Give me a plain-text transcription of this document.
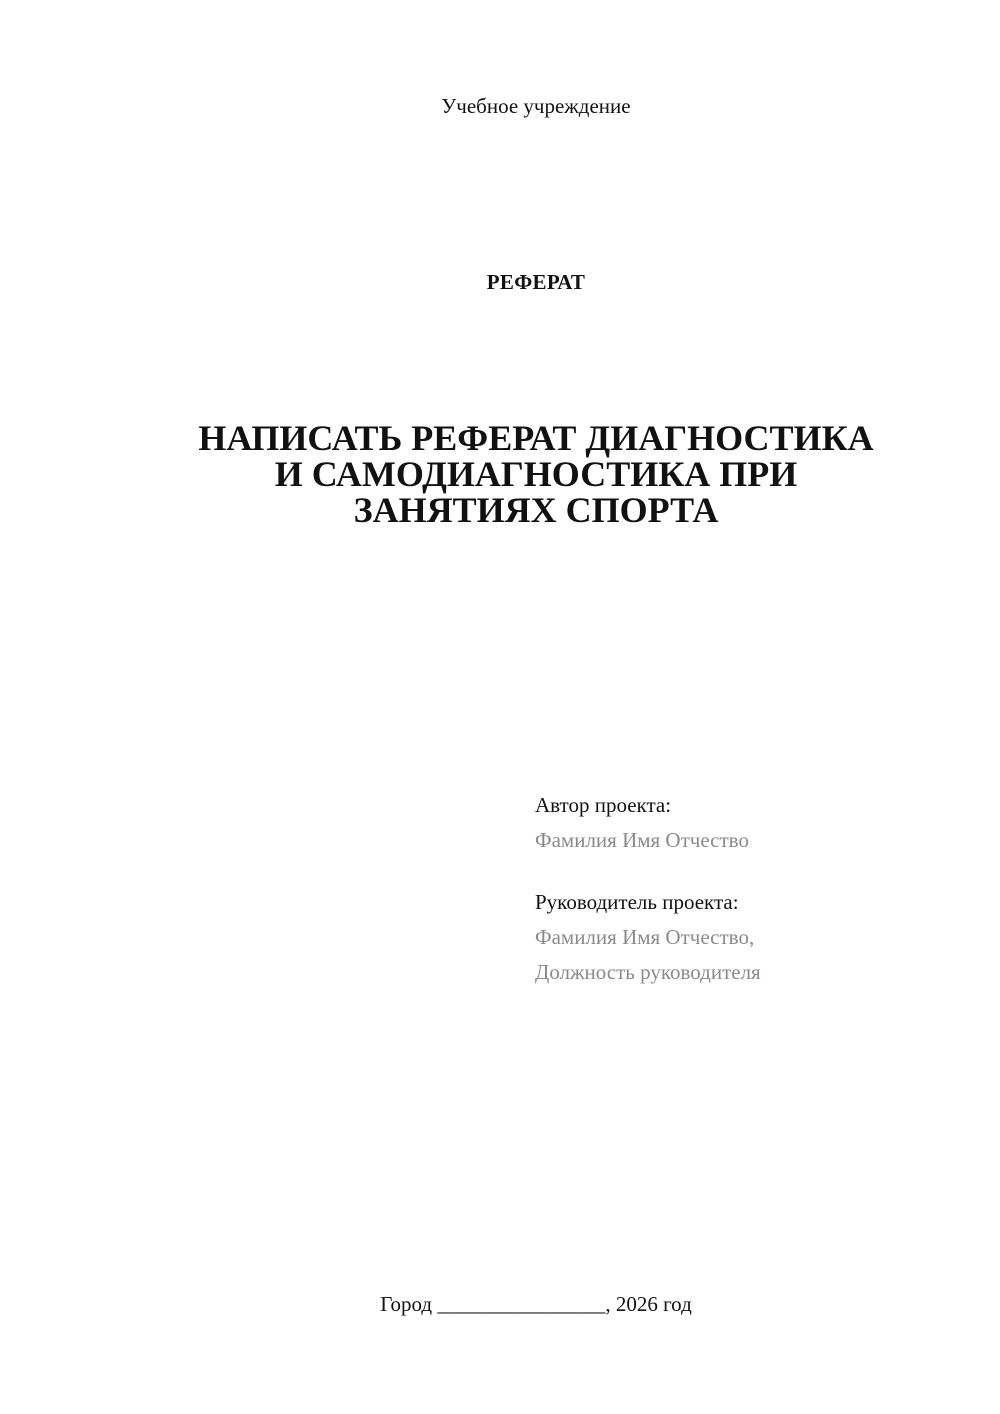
Учебное учреждение
РЕФЕРАТ
НАПИСАТЬ РЕФЕРАТ ДИАГНОСТИКА
И САМОДИАГНОСТИКА ПРИ
ЗАНЯТИЯХ СПОРТА
Автор проекта:
Фамилия Имя Отчество
Руководитель проекта:
Фамилия Имя Отчество,
Должность руководителя
Город ________________, 2026 год
